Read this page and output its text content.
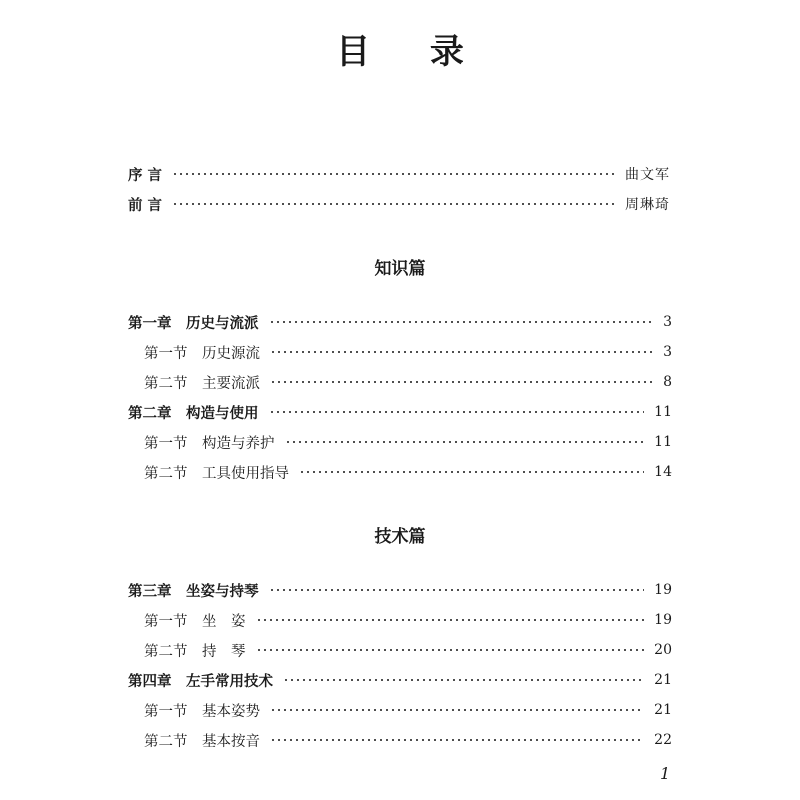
目 录
序 言	曲文军
前 言	周琳琦
知识篇
第一章　历史与流派	3
第一节　历史源流	3
第二节　主要流派	8
第二章　构造与使用	11
第一节　构造与养护	11
第二节　工具使用指导	14
技术篇
第三章　坐姿与持琴	19
第一节　坐　姿	19
第二节　持　琴	20
第四章　左手常用技术	21
第一节　基本姿势	21
第二节　基本按音	22
1
